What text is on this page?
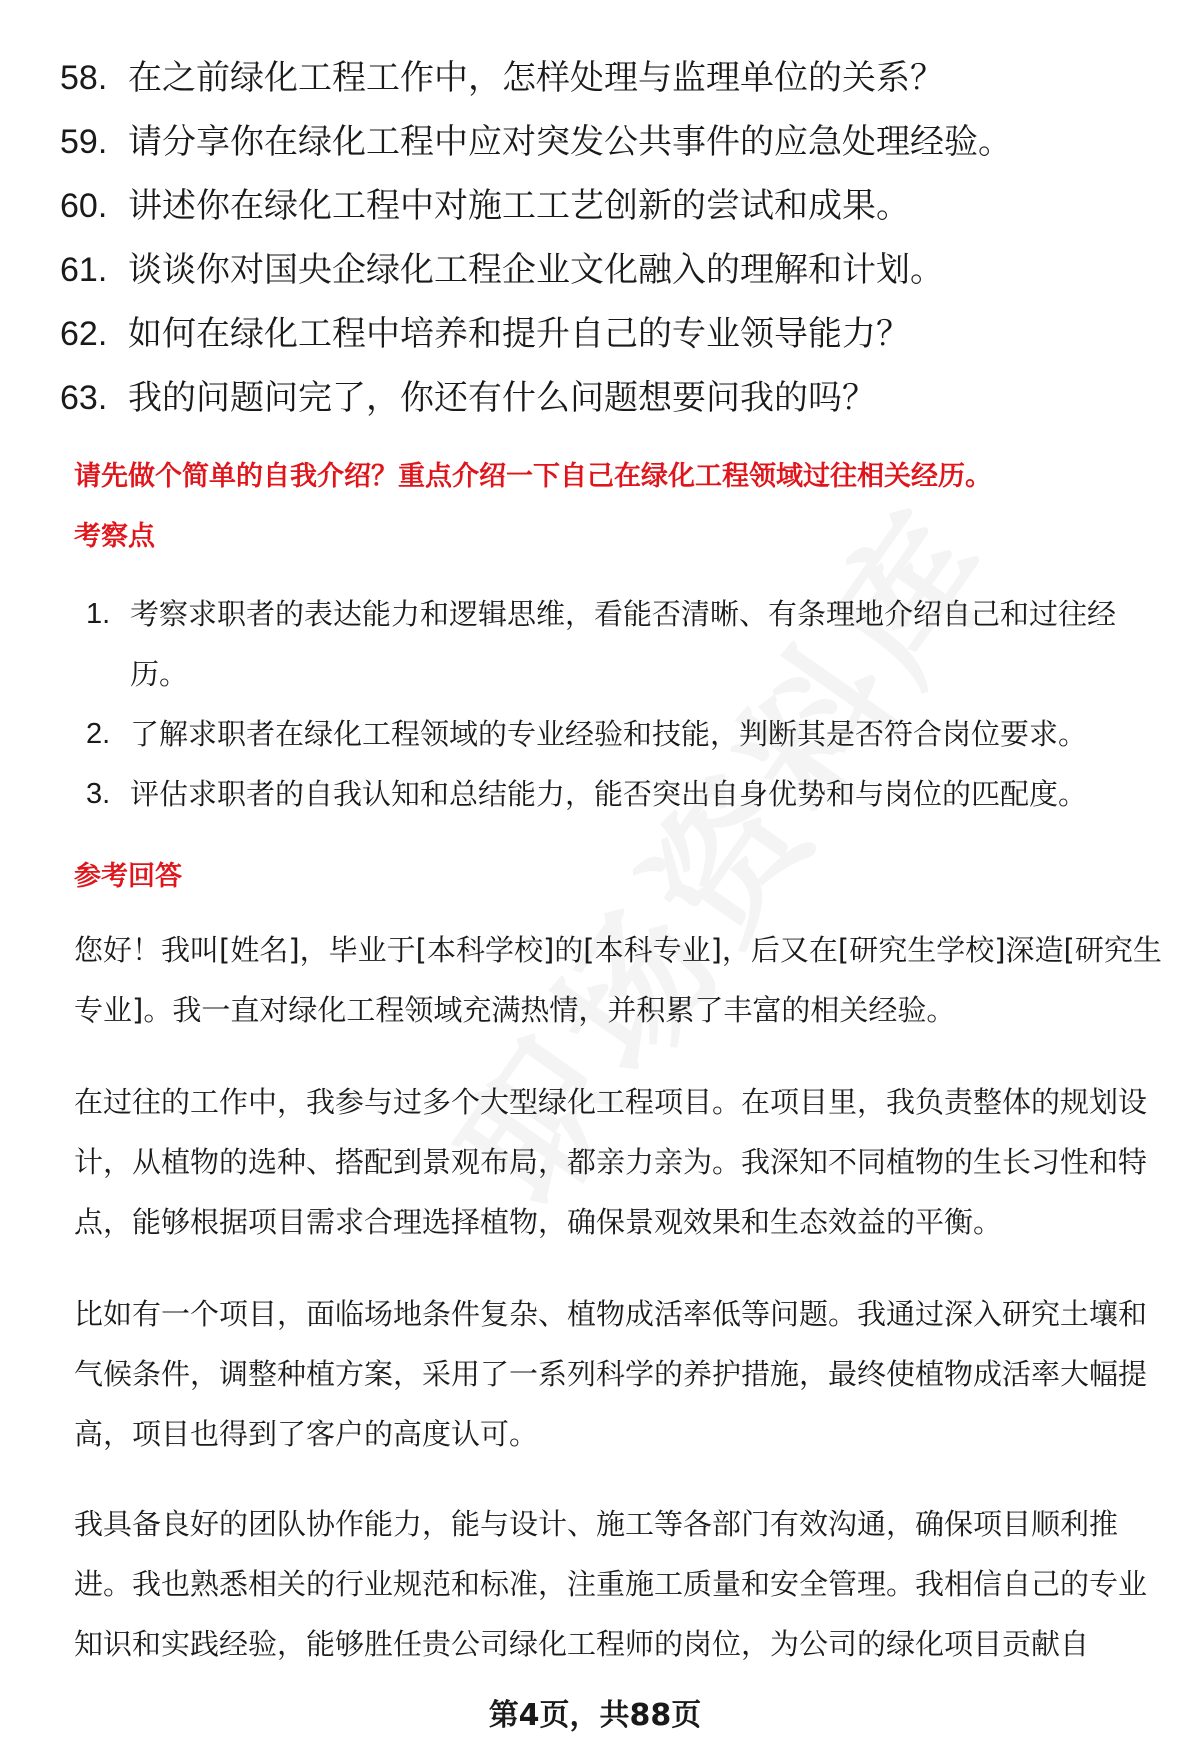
58. 在之前绿化工程工作中，怎样处理与监理单位的关系？
59. 请分享你在绿化工程中应对突发公共事件的应急处理经验。
60. 讲述你在绿化工程中对施工工艺创新的尝试和成果。
61. 谈谈你对国央企绿化工程企业文化融入的理解和计划。
62. 如何在绿化工程中培养和提升自己的专业领导能力？
63. 我的问题问完了，你还有什么问题想要问我的吗？
请先做个简单的自我介绍？重点介绍一下自己在绿化工程领域过往相关经历。
考察点
1. 考察求职者的表达能力和逻辑思维，看能否清晰、有条理地介绍自己和过往经历。
2. 了解求职者在绿化工程领域的专业经验和技能，判断其是否符合岗位要求。
3. 评估求职者的自我认知和总结能力，能否突出自身优势和与岗位的匹配度。
参考回答

您好！我叫[姓名]，毕业于[本科学校]的[本科专业]，后又在[研究生学校]深造[研究生专业]。我一直对绿化工程领域充满热情，并积累了丰富的相关经验。

在过往的工作中，我参与过多个大型绿化工程项目。在项目里，我负责整体的规划设计，从植物的选种、搭配到景观布局，都亲力亲为。我深知不同植物的生长习性和特点，能够根据项目需求合理选择植物，确保景观效果和生态效益的平衡。

比如有一个项目，面临场地条件复杂、植物成活率低等问题。我通过深入研究土壤和气候条件，调整种植方案，采用了一系列科学的养护措施，最终使植物成活率大幅提高，项目也得到了客户的高度认可。

我具备良好的团队协作能力，能与设计、施工等各部门有效沟通，确保项目顺利推进。我也熟悉相关的行业规范和标准，注重施工质量和安全管理。我相信自己的专业知识和实践经验，能够胜任贵公司绿化工程师的岗位，为公司的绿化项目贡献自

第4页，共88页
